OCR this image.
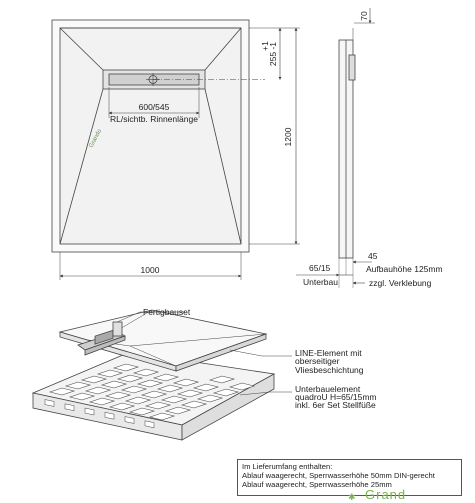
1000
1200
255 -1
+1
600/545
RL/sichtb. Rinnenlänge
Grando
70
45
65/15
Unterbau
Aufbauhöhe 125mm
zzgl. Verklebung
Fertigbauset
LINE-Element mit
oberseitiger
Vliesbeschichtung
Unterbauelement
quadroU H=65/15mm
inkl. 6er Set Stellfüße
Im Lieferumfang enthalten:
Ablauf waagerecht, Sperrwasserhöhe 50mm DIN-gerecht
Ablauf waagerecht, Sperrwasserhöhe 25mm
✱ Grand
